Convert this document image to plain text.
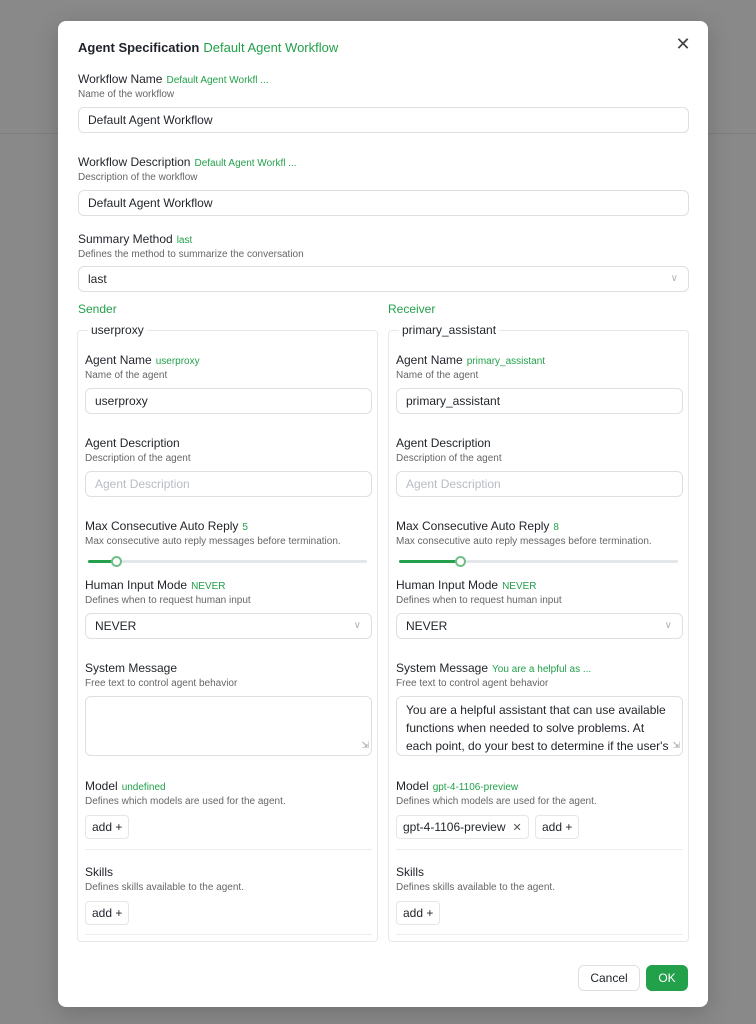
✕
Agent Specification Default Agent Workflow
Workflow Name Default Agent Workfl ...
Name of the workflow
Default Agent Workflow
Workflow Description Default Agent Workfl ...
Description of the workflow
Default Agent Workflow
Summary Method last
Defines the method to summarize the conversation
last	∨
Sender	Receiver
userproxy
Agent Name userproxy
Name of the agent
userproxy
Agent Description
Description of the agent
Agent Description
Max Consecutive Auto Reply 5
Max consecutive auto reply messages before termination.
Human Input Mode NEVER
Defines when to request human input
NEVER	∨
System Message
Free text to control agent behavior
⇲
Model undefined
Defines which models are used for the agent.
add +
Skills
Defines skills available to the agent.
add +
primary_assistant
Agent Name primary_assistant
Name of the agent
primary_assistant
Agent Description
Description of the agent
Agent Description
Max Consecutive Auto Reply 8
Max consecutive auto reply messages before termination.
Human Input Mode NEVER
Defines when to request human input
NEVER	∨
System Message You are a helpful as ...
Free text to control agent behavior
You are a helpful assistant that can use available functions when needed to solve problems. At each point, do your best to determine if the user's ⇲
Model gpt-4-1106-preview
Defines which models are used for the agent.
gpt-4-1106-preview ✕	add +
Skills
Defines skills available to the agent.
add +
Cancel	OK
